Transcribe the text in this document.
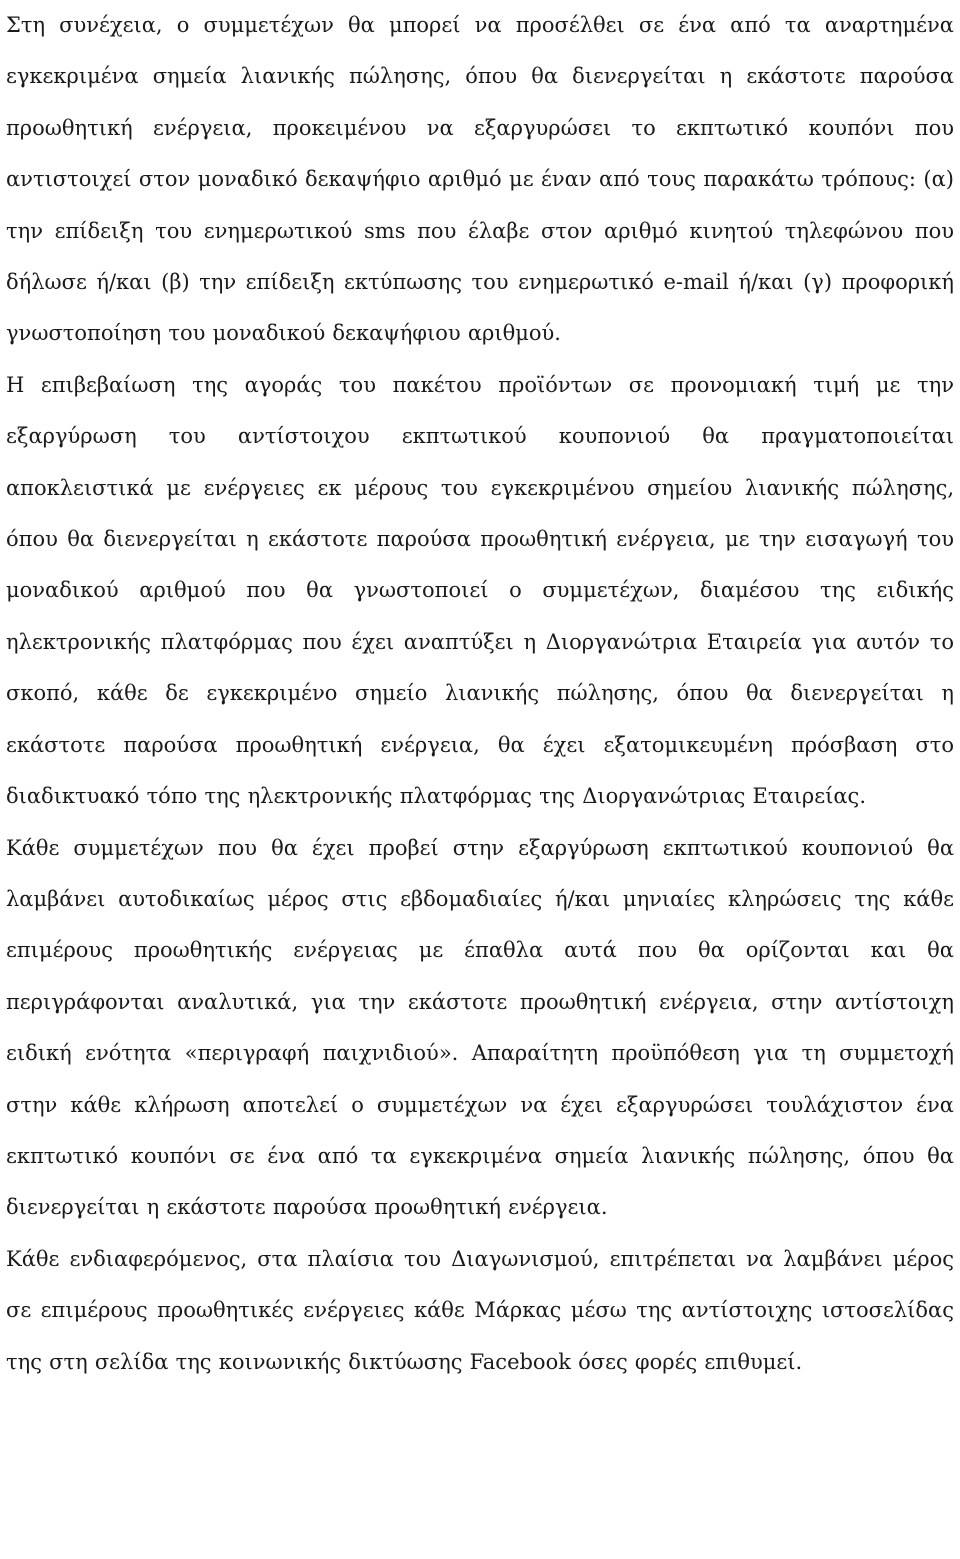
Στη συνέχεια, ο συμμετέχων θα μπορεί να προσέλθει σε ένα από τα αναρτημένα εγκεκριμένα σημεία λιανικής πώλησης, όπου θα διενεργείται η εκάστοτε παρούσα προωθητική ενέργεια, προκειμένου να εξαργυρώσει το εκπτωτικό κουπόνι που αντιστοιχεί στον μοναδικό δεκαψήφιο αριθμό με έναν από τους παρακάτω τρόπους: (α) την επίδειξη του ενημερωτικού sms που έλαβε στον αριθμό κινητού τηλεφώνου που δήλωσε ή/και (β) την επίδειξη εκτύπωσης του ενημερωτικό e-mail ή/και (γ) προφορική γνωστοποίηση του μοναδικού δεκαψήφιου αριθμού.

Η επιβεβαίωση της αγοράς του πακέτου προϊόντων σε προνομιακή τιμή με την εξαργύρωση του αντίστοιχου εκπτωτικού κουπονιού θα πραγματοποιείται αποκλειστικά με ενέργειες εκ μέρους του εγκεκριμένου σημείου λιανικής πώλησης, όπου θα διενεργείται η εκάστοτε παρούσα προωθητική ενέργεια, με την εισαγωγή του μοναδικού αριθμού που θα γνωστοποιεί ο συμμετέχων, διαμέσου της ειδικής ηλεκτρονικής πλατφόρμας που έχει αναπτύξει η Διοργανώτρια Εταιρεία για αυτόν το σκοπό, κάθε δε εγκεκριμένο σημείο λιανικής πώλησης, όπου θα διενεργείται η εκάστοτε παρούσα προωθητική ενέργεια, θα έχει εξατομικευμένη πρόσβαση στο διαδικτυακό τόπο της ηλεκτρονικής πλατφόρμας της Διοργανώτριας Εταιρείας.

Κάθε συμμετέχων που θα έχει προβεί στην εξαργύρωση εκπτωτικού κουπονιού θα λαμβάνει αυτοδικαίως μέρος στις εβδομαδιαίες ή/και μηνιαίες κληρώσεις της κάθε επιμέρους προωθητικής ενέργειας με έπαθλα αυτά που θα ορίζονται και θα περιγράφονται αναλυτικά, για την εκάστοτε προωθητική ενέργεια, στην αντίστοιχη ειδική ενότητα «περιγραφή παιχνιδιού». Απαραίτητη προϋπόθεση για τη συμμετοχή στην κάθε κλήρωση αποτελεί ο συμμετέχων να έχει εξαργυρώσει τουλάχιστον ένα εκπτωτικό κουπόνι σε ένα από τα εγκεκριμένα σημεία λιανικής πώλησης, όπου θα διενεργείται η εκάστοτε παρούσα προωθητική ενέργεια.

Κάθε ενδιαφερόμενος, στα πλαίσια του Διαγωνισμού, επιτρέπεται να λαμβάνει μέρος σε επιμέρους προωθητικές ενέργειες κάθε Μάρκας μέσω της αντίστοιχης ιστοσελίδας της στη σελίδα της κοινωνικής δικτύωσης Facebook όσες φορές επιθυμεί.
